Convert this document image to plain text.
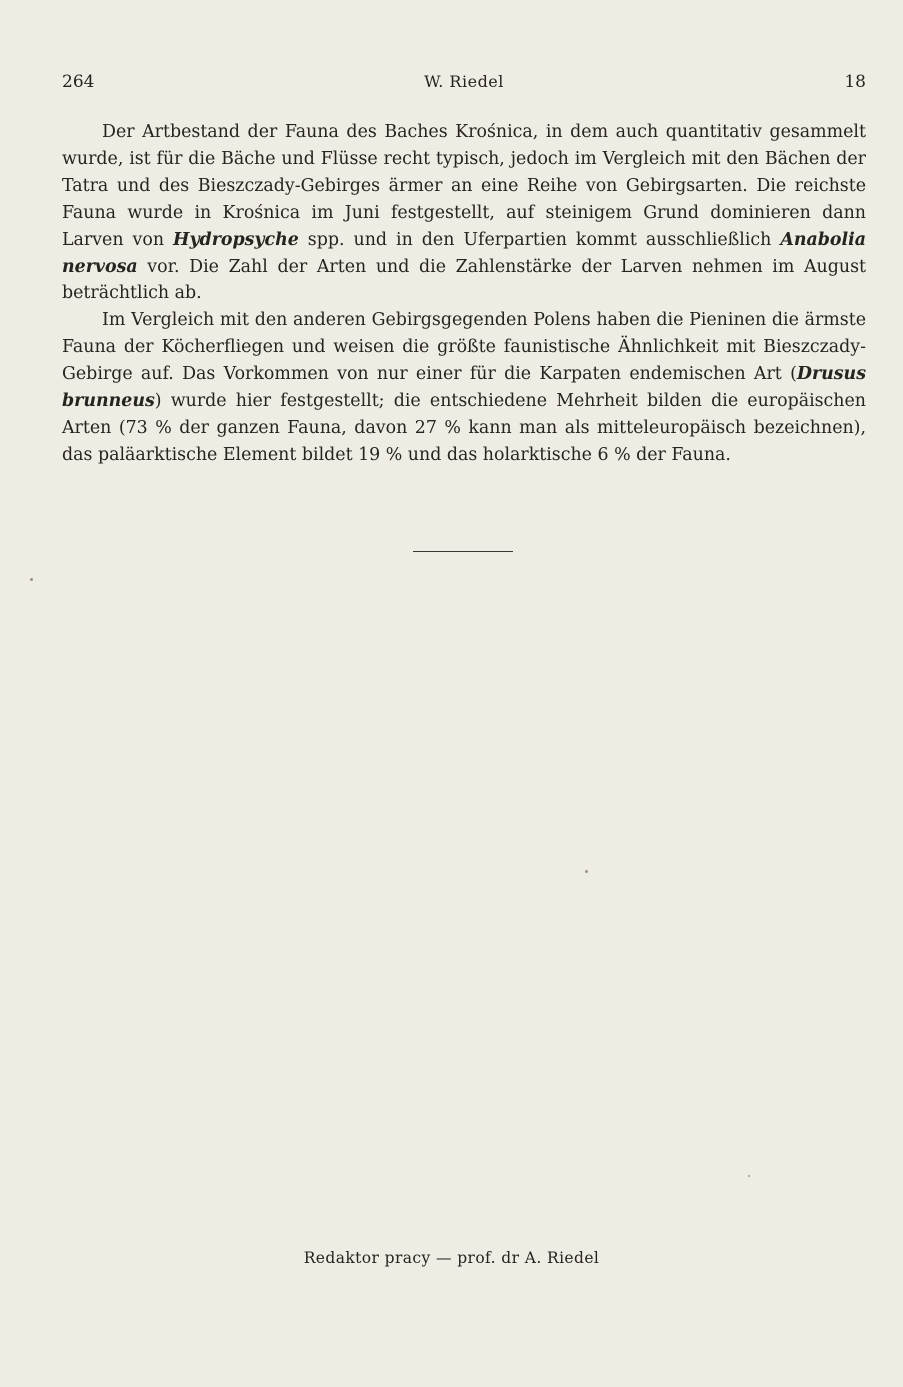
264	W. Riedel	18

Der Artbestand der Fauna des Baches Krośnica, in dem auch quantitativ gesammelt wurde, ist für die Bäche und Flüsse recht typisch, jedoch im Vergleich mit den Bächen der Tatra und des Bieszczady-Gebirges ärmer an eine Reihe von Gebirgsarten. Die reichste Fauna wurde in Krośnica im Juni festgestellt, auf steinigem Grund dominieren dann Larven von Hydropsyche spp. und in den Uferpartien kommt ausschließlich Anabolia nervosa vor. Die Zahl der Arten und die Zahlenstärke der Larven nehmen im August beträchtlich ab.

Im Vergleich mit den anderen Gebirgsgegenden Polens haben die Pieninen die ärmste Fauna der Köcherfliegen und weisen die größte faunistische Ähnlichkeit mit Bieszczady-Gebirge auf. Das Vorkommen von nur einer für die Karpaten endemischen Art (Drusus brunneus) wurde hier festgestellt; die entschiedene Mehrheit bilden die europäischen Arten (73 % der ganzen Fauna, davon 27 % kann man als mitteleuropäisch bezeichnen), das paläarktische Element bildet 19 % und das holarktische 6 % der Fauna.

Redaktor pracy — prof. dr A. Riedel
